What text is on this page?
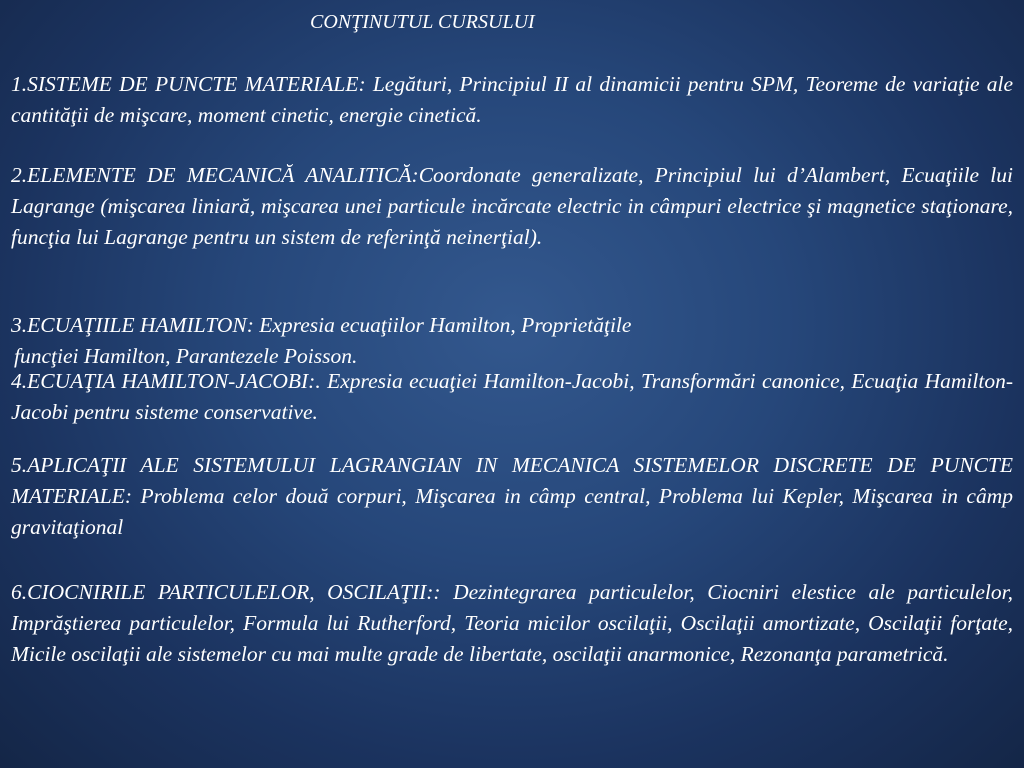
CONŢINUTUL CURSULUI

1.SISTEME DE PUNCTE MATERIALE: Legături, Principiul II al dinamicii pentru SPM, Teoreme de variaţie ale cantităţii de mişcare, moment cinetic, energie cinetică.

2.ELEMENTE DE MECANICĂ ANALITICĂ:Coordonate generalizate, Principiul lui d’Alambert, Ecuaţiile lui Lagrange (mişcarea liniară, mişcarea unei particule incărcate electric in câmpuri electrice şi magnetice staţionare, funcţia lui Lagrange pentru un sistem de referinţă neinerţial).

3.ECUAŢIILE HAMILTON: Expresia ecuaţiilor Hamilton, Proprietăţile
funcţiei Hamilton, Parantezele Poisson.

4.ECUAŢIA HAMILTON-JACOBI:. Expresia ecuaţiei Hamilton-Jacobi, Transformări canonice, Ecuaţia Hamilton-Jacobi pentru sisteme conservative.

5.APLICAŢII ALE SISTEMULUI LAGRANGIAN IN MECANICA SISTEMELOR DISCRETE DE PUNCTE MATERIALE: Problema celor două corpuri, Mişcarea in câmp central, Problema lui Kepler, Mişcarea in câmp gravitaţional

6.CIOCNIRILE PARTICULELOR, OSCILAŢII:: Dezintegrarea particulelor, Ciocniri elestice ale particulelor, Imprăştierea particulelor, Formula lui Rutherford, Teoria micilor oscilaţii, Oscilaţii amortizate, Oscilaţii forţate, Micile oscilaţii ale sistemelor cu mai multe grade de libertate, oscilaţii anarmonice, Rezonanţa parametrică.
